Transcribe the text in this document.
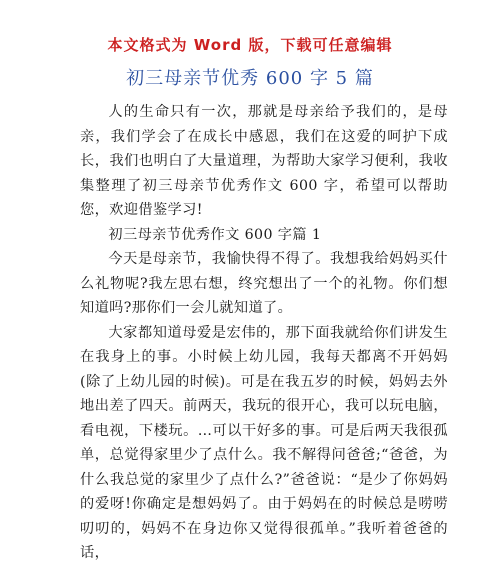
本文格式为 Word 版，下载可任意编辑
初三母亲节优秀 600 字 5 篇

人的生命只有一次，那就是母亲给予我们的，是母亲，我们学会了在成长中感恩，我们在这爱的呵护下成长，我们也明白了大量道理，为帮助大家学习便利，我收集整理了初三母亲节优秀作文 600 字，希望可以帮助您，欢迎借鉴学习!

初三母亲节优秀作文 600 字篇 1

今天是母亲节，我愉快得不得了。我想我给妈妈买什么礼物呢?我左思右想，终究想出了一个的礼物。你们想知道吗?那你们一会儿就知道了。

大家都知道母爱是宏伟的，那下面我就给你们讲发生在我身上的事。小时候上幼儿园，我每天都离不开妈妈(除了上幼儿园的时候)。可是在我五岁的时候，妈妈去外地出差了四天。前两天，我玩的很开心，我可以玩电脑，看电视，下楼玩。…可以干好多的事。可是后两天我很孤单，总觉得家里少了点什么。我不解得问爸爸;“爸爸，为什么我总觉的家里少了点什么?”爸爸说：“是少了你妈妈的爱呀!你确定是想妈妈了。由于妈妈在的时候总是唠唠叨叨的，妈妈不在身边你又觉得很孤单。”我听着爸爸的话，
